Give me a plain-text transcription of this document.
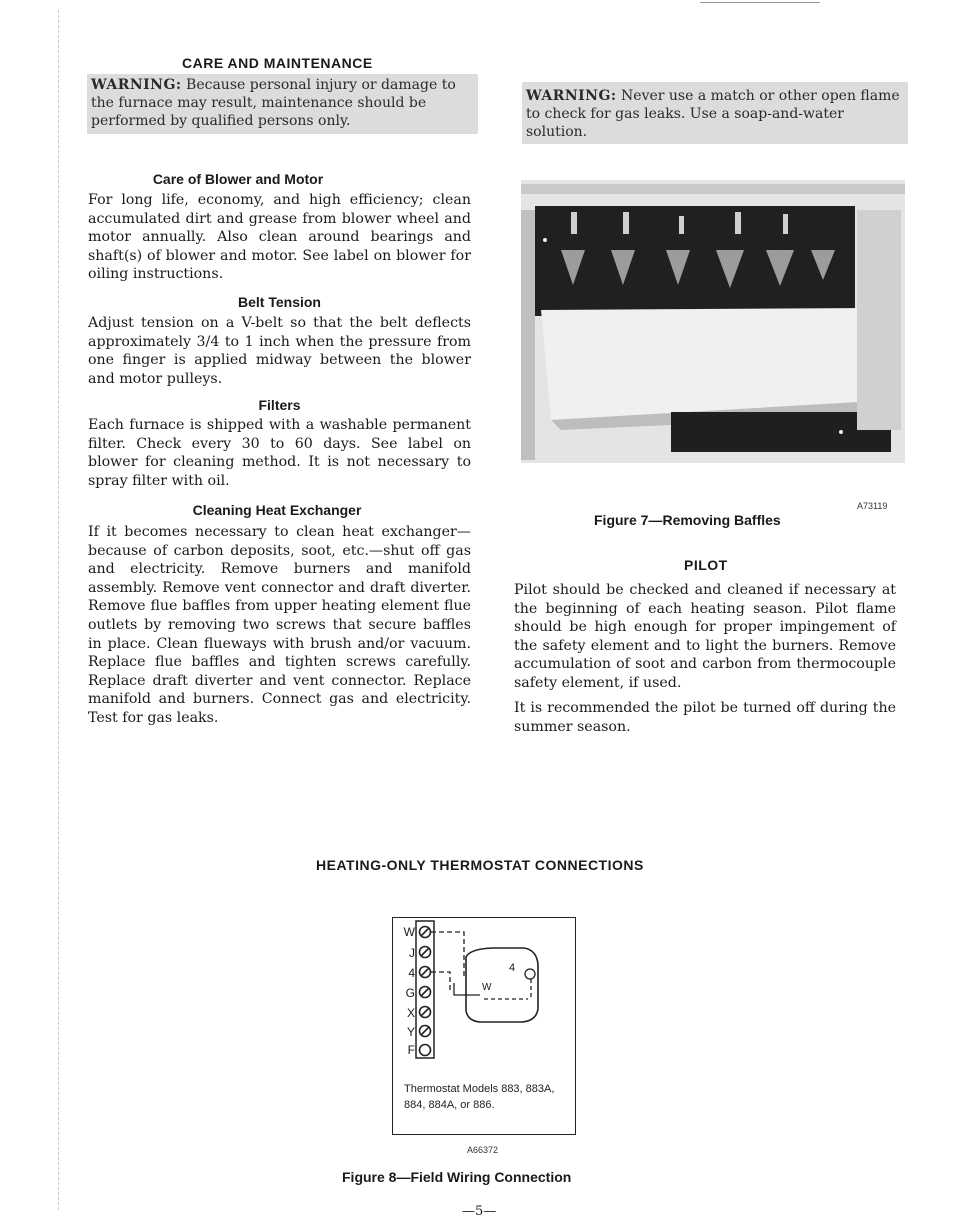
CARE AND MAINTENANCE
WARNING: Because personal injury or damage to the furnace may result, maintenance should be performed by qualified persons only.
Care of Blower and Motor
For long life, economy, and high efficiency; clean accumulated dirt and grease from blower wheel and motor annually. Also clean around bearings and shaft(s) of blower and motor. See label on blower for oiling instructions.
Belt Tension
Adjust tension on a V-belt so that the belt deflects approximately 3/4 to 1 inch when the pressure from one finger is applied midway between the blower and motor pulleys.
Filters
Each furnace is shipped with a washable permanent filter. Check every 30 to 60 days. See label on blower for cleaning method. It is not necessary to spray filter with oil.
Cleaning Heat Exchanger
If it becomes necessary to clean heat exchanger— because of carbon deposits, soot, etc.—shut off gas and electricity. Remove burners and manifold assembly. Remove vent connector and draft diverter. Remove flue baffles from upper heating element flue outlets by removing two screws that secure baffles in place. Clean flueways with brush and/or vacuum. Replace flue baffles and tighten screws carefully. Replace draft diverter and vent connector. Replace manifold and burners. Connect gas and electricity. Test for gas leaks.
WARNING: Never use a match or other open flame to check for gas leaks. Use a soap-and-water solution.
A73119
Figure 7—Removing Baffles
PILOT
Pilot should be checked and cleaned if necessary at the beginning of each heating season. Pilot flame should be high enough for proper impingement of the safety element and to light the burners. Remove accumulation of soot and carbon from thermocouple safety element, if used.
It is recommended the pilot be turned off during the summer season.
HEATING-ONLY THERMOSTAT CONNECTIONS
W
J
4
G
X
Y
F
4
W
Thermostat Models 883, 883A, 884, 884A, or 886.
A66372
Figure 8—Field Wiring Connection
—5—
